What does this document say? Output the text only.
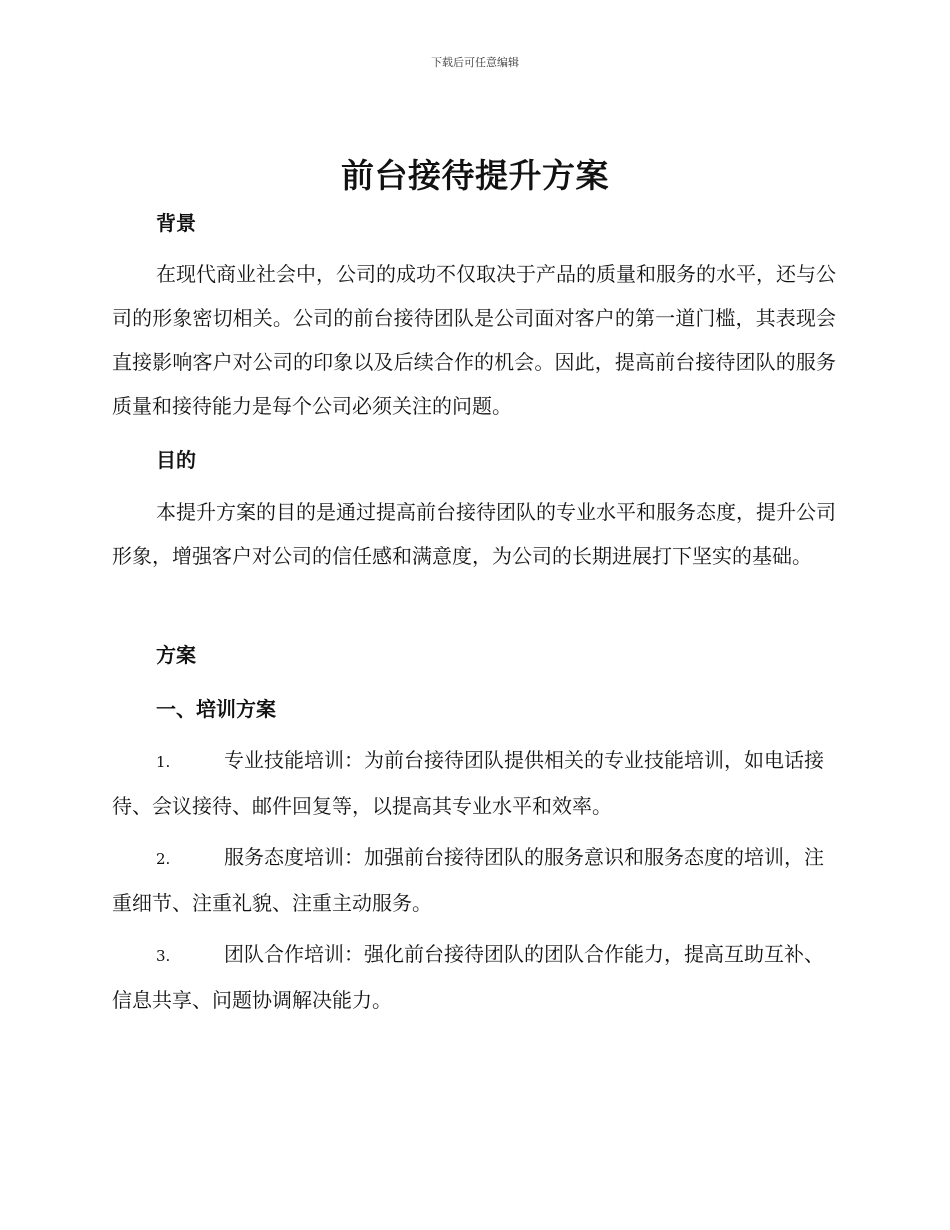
下载后可任意编辑
前台接待提升方案
背景

在现代商业社会中，公司的成功不仅取决于产品的质量和服务的水平，还与公司的形象密切相关。公司的前台接待团队是公司面对客户的第一道门槛，其表现会直接影响客户对公司的印象以及后续合作的机会。因此，提高前台接待团队的服务质量和接待能力是每个公司必须关注的问题。

目的

本提升方案的目的是通过提高前台接待团队的专业水平和服务态度，提升公司形象，增强客户对公司的信任感和满意度，为公司的长期进展打下坚实的基础。

方案
一、培训方案

1.	专业技能培训：为前台接待团队提供相关的专业技能培训，如电话接待、会议接待、邮件回复等，以提高其专业水平和效率。

2.	服务态度培训：加强前台接待团队的服务意识和服务态度的培训，注重细节、注重礼貌、注重主动服务。

3.	团队合作培训：强化前台接待团队的团队合作能力，提高互助互补、信息共享、问题协调解决能力。
